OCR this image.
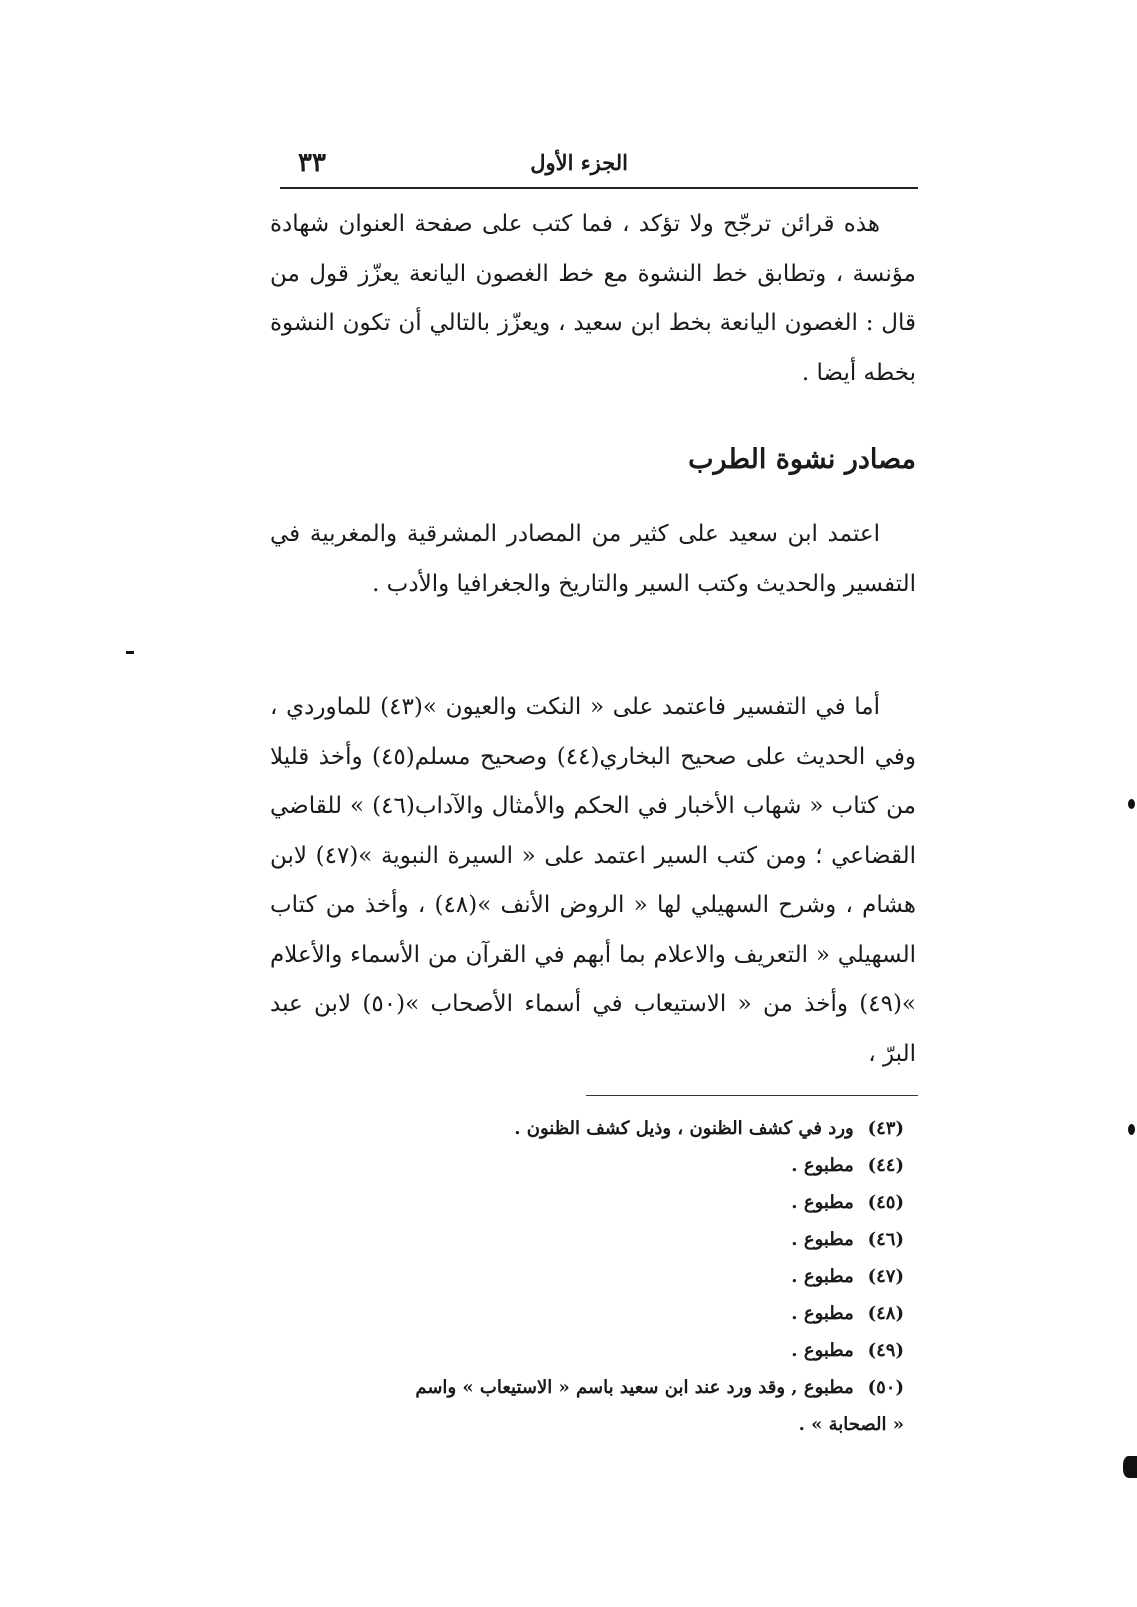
الجزء الأول
٣٣
هذه قرائن ترجّح ولا تؤكد ، فما كتب على صفحة العنوان شهادة مؤنسة ، وتطابق خط النشوة مع خط الغصون اليانعة يعزّز قول من قال : الغصون اليانعة بخط ابن سعيد ، ويعزّز بالتالي أن تكون النشوة بخطه أيضا .
مصادر نشوة الطرب
اعتمد ابن سعيد على كثير من المصادر المشرقية والمغربية في التفسير والحديث وكتب السير والتاريخ والجغرافيا والأدب .
أما في التفسير فاعتمد على « النكت والعيون »(٤٣) للماوردي ، وفي الحديث على صحيح البخاري(٤٤) وصحيح مسلم(٤٥) وأخذ قليلا من كتاب « شهاب الأخبار في الحكم والأمثال والآداب(٤٦) » للقاضي القضاعي ؛ ومن كتب السير اعتمد على « السيرة النبوية »(٤٧) لابن هشام ، وشرح السهيلي لها « الروض الأنف »(٤٨) ، وأخذ من كتاب السهيلي « التعريف والاعلام بما أبهم في القرآن من الأسماء والأعلام »(٤٩) وأخذ من « الاستيعاب في أسماء الأصحاب »(٥٠) لابن عبد البرّ ،
(٤٣) ورد في كشف الظنون ، وذيل كشف الظنون .
(٤٤) مطبوع .
(٤٥) مطبوع .
(٤٦) مطبوع .
(٤٧) مطبوع .
(٤٨) مطبوع .
(٤٩) مطبوع .
(٥٠) مطبوع , وقد ورد عند ابن سعيد باسم « الاستيعاب » واسم
« الصحابة » .
